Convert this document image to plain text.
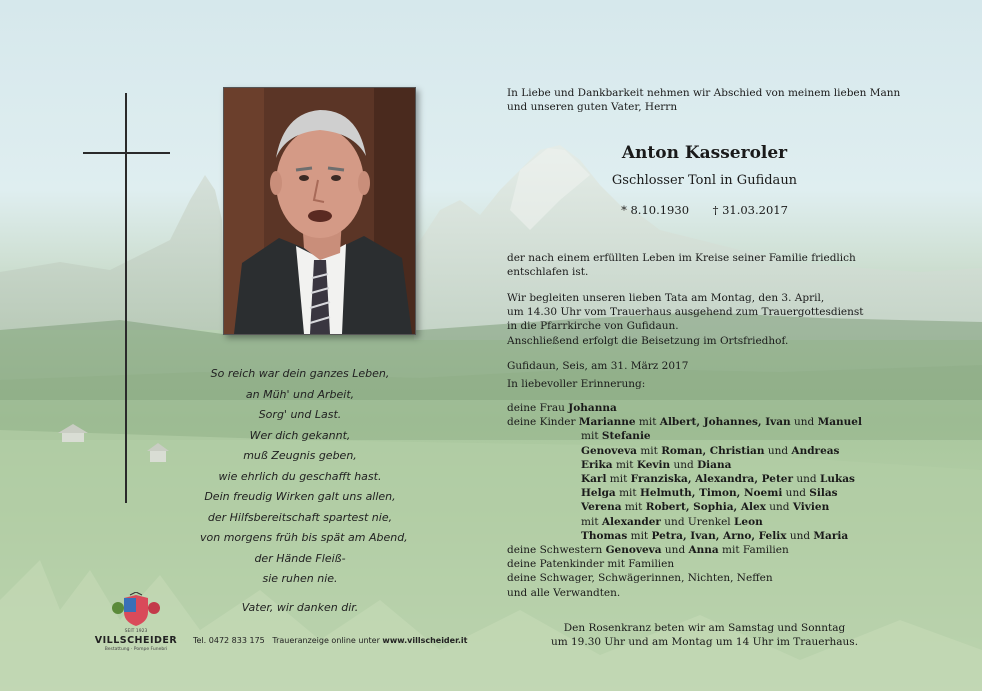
So reich war dein ganzes Leben,
an Müh' und Arbeit,
Sorg' und Last.
Wer dich gekannt,
muß Zeugnis geben,
wie ehrlich du geschafft hast.
Dein freudig Wirken galt uns allen,
der Hilfsbereitschaft spartest nie,
von morgens früh bis spät am Abend,
der Hände Fleiß-
sie ruhen nie.
Vater, wir danken dir.
SEIT 1923
VILLSCHEIDER
Bestattung · Pompe Funebri
Tel. 0472 833 175 Traueranzeige online unter www.villscheider.it
In Liebe und Dankbarkeit nehmen wir Abschied von meinem lieben Mann und unseren guten Vater, Herrn
Anton Kasseroler
Gschlosser Tonl in Gufidaun
* 8.10.1930 † 31.03.2017
der nach einem erfüllten Leben im Kreise seiner Familie friedlich entschlafen ist.
Wir begleiten unseren lieben Tata am Montag, den 3. April,
um 14.30 Uhr vom Trauerhaus ausgehend zum Trauergottesdienst
in die Pfarrkirche von Gufidaun.
Anschließend erfolgt die Beisetzung im Ortsfriedhof.
Gufidaun, Seis, am 31. März 2017
In liebevoller Erinnerung:
deine Frau Johanna
deine Kinder Marianne mit Albert, Johannes, Ivan und Manuel
mit Stefanie
Genoveva mit Roman, Christian und Andreas
Erika mit Kevin und Diana
Karl mit Franziska, Alexandra, Peter und Lukas
Helga mit Helmuth, Timon, Noemi und Silas
Verena mit Robert, Sophia, Alex und Vivien
mit Alexander und Urenkel Leon
Thomas mit Petra, Ivan, Arno, Felix und Maria
deine Schwestern Genoveva und Anna mit Familien
deine Patenkinder mit Familien
deine Schwager, Schwägerinnen, Nichten, Neffen
und alle Verwandten.
Den Rosenkranz beten wir am Samstag und Sonntag
um 19.30 Uhr und am Montag um 14 Uhr im Trauerhaus.
